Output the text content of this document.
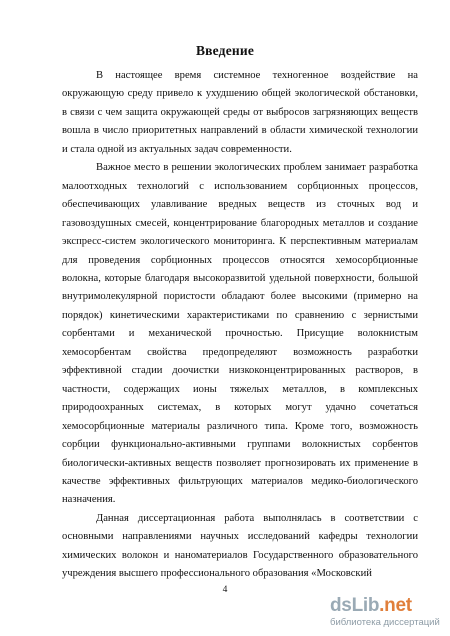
Введение

В настоящее время системное техногенное воздействие на окружающую среду привело к ухудшению общей экологической обстановки, в связи с чем защита окружающей среды от выбросов загрязняющих веществ вошла в число приоритетных направлений в области химической технологии и стала одной из актуальных задач современности.

Важное место в решении экологических проблем занимает разработка малоотходных технологий с использованием сорбционных процессов, обеспечивающих улавливание вредных веществ из сточных вод и газовоздушных смесей, концентрирование благородных металлов и создание экспресс-систем экологического мониторинга. К перспективным материалам для проведения сорбционных процессов относятся хемосорбционные волокна, которые благодаря высокоразвитой удельной поверхности, большой внутримолекулярной пористости обладают более высокими (примерно на порядок) кинетическими характеристиками по сравнению с зернистыми сорбентами и механической прочностью. Присущие волокнистым хемосорбентам свойства предопределяют возможность разработки эффективной стадии доочистки низкоконцентрированных растворов, в частности, содержащих ионы тяжелых металлов, в комплексных природоохранных системах, в которых могут удачно сочетаться хемосорбционные материалы различного типа. Кроме того, возможность сорбции функционально-активными группами волокнистых сорбентов биологически-активных веществ позволяет прогнозировать их применение в качестве эффективных фильтрующих материалов медико-биологического назначения.

Данная диссертационная работа выполнялась в соответствии с основными направлениями научных исследований кафедры технологии химических волокон и наноматериалов Государственного образовательного учреждения высшего профессионального образования «Московский

4
dsLib.net
библиотека диссертаций
